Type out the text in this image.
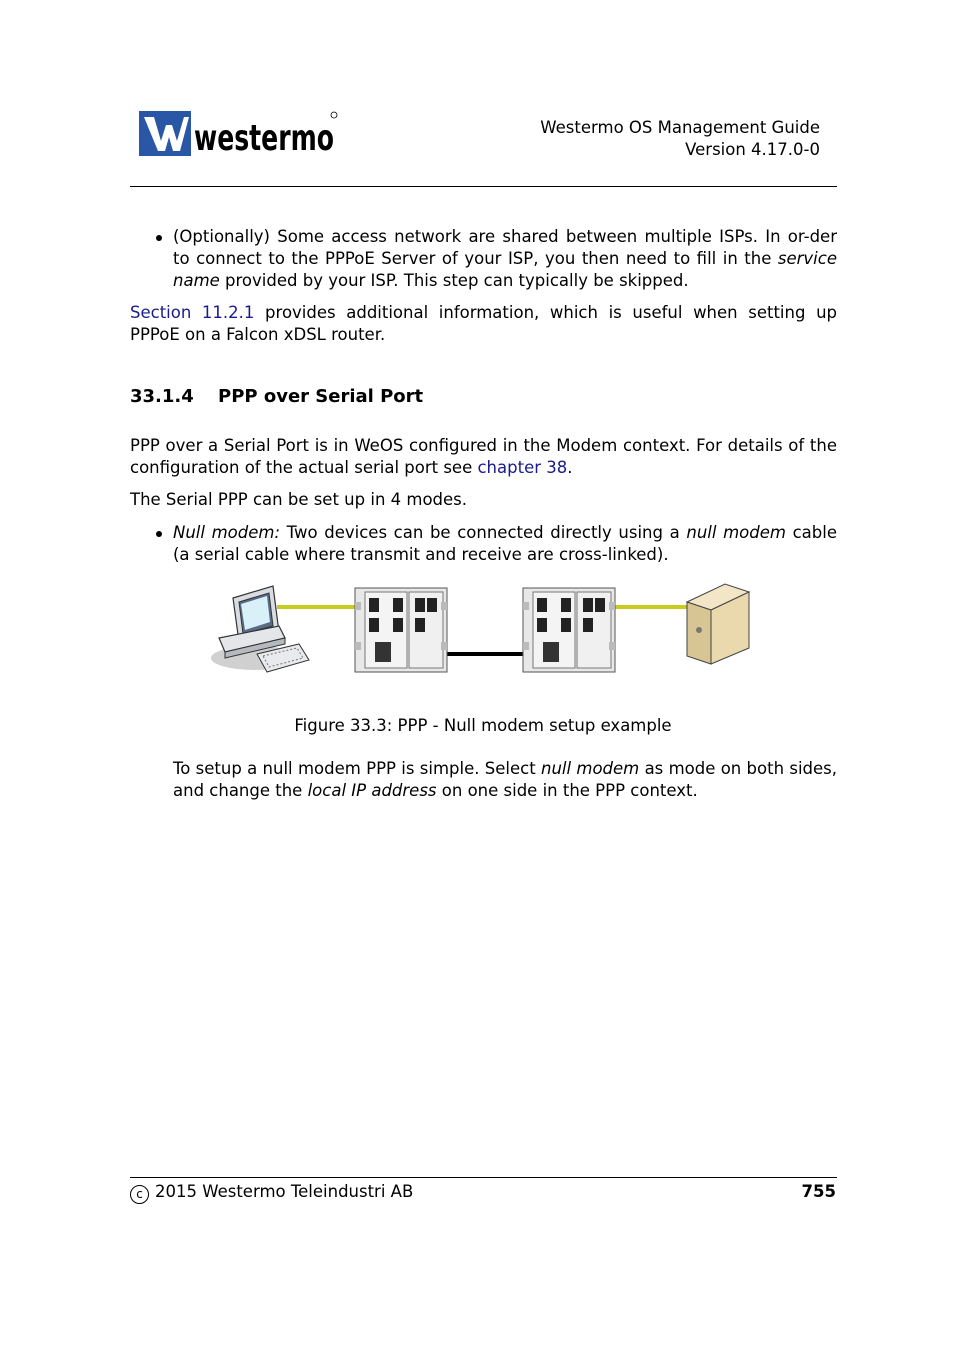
westermo	Westermo OS Management Guide
Version 4.17.0-0
(Optionally) Some access network are shared between multiple ISPs. In or-der to connect to the PPPoE Server of your ISP, you then need to fill in the service name provided by your ISP. This step can typically be skipped.
Section 11.2.1 provides additional information, which is useful when setting up PPPoE on a Falcon xDSL router.
33.1.4 PPP over Serial Port
PPP over a Serial Port is in WeOS configured in the Modem context. For details of the configuration of the actual serial port see chapter 38.
The Serial PPP can be set up in 4 modes.
Null modem: Two devices can be connected directly using a null modem cable (a serial cable where transmit and receive are cross-linked).
Figure 33.3: PPP - Null modem setup example
To setup a null modem PPP is simple. Select null modem as mode on both sides, and change the local IP address on one side in the PPP context.
c 2015 Westermo Teleindustri AB	755
